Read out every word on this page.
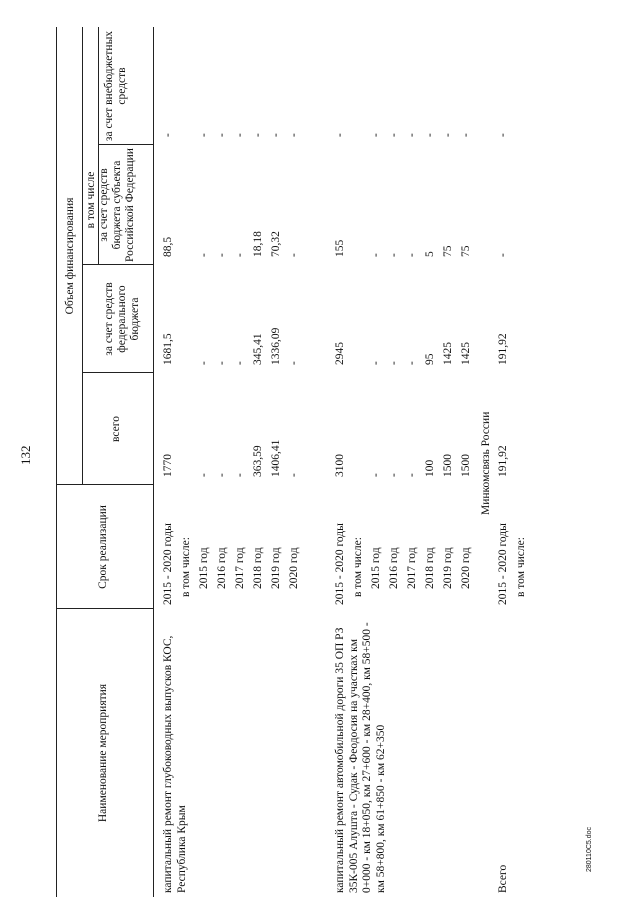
132
Наименование мероприятия
Срок реализации
Объем финансирования
всего
в том числе
за счет средств федерального бюджета
за счет средств бюджета субъекта Российской Федерации
за счет внебюджетных средств
капитальный ремонт глубоководных выпусков КОС, Республика Крым
2015 - 2020 годы
1770
1681,5
88,5
-
в том числе: 2015 год
-
-
-
-
2016 год
-
-
-
-
2017 год
-
-
-
-
2018 год
363,59
345,41
18,18
-
2019 год
1406,41
1336,09
70,32
-
2020 год
-
-
-
-
капитальный ремонт автомобильной дороги 35 ОП РЗ 35К-005 Алушта - Судак - Феодосия на участках км 0+000 - км 18+050, км 27+600 - км 28+400, км 58+500 - км 58+800, км 61+850 - км 62+350
2015 - 2020 годы
3100
2945
155
-
в том числе: 2015 год
-
-
-
-
2016 год
-
-
-
-
2017 год
-
-
-
-
2018 год
100
95
5
-
2019 год
1500
1425
75
-
2020 год
1500
1425
75
-
Минкомсвязь России
Всего
2015 - 2020 годы
191,92
191,92
-
-
в том числе:
280110C5.doc
